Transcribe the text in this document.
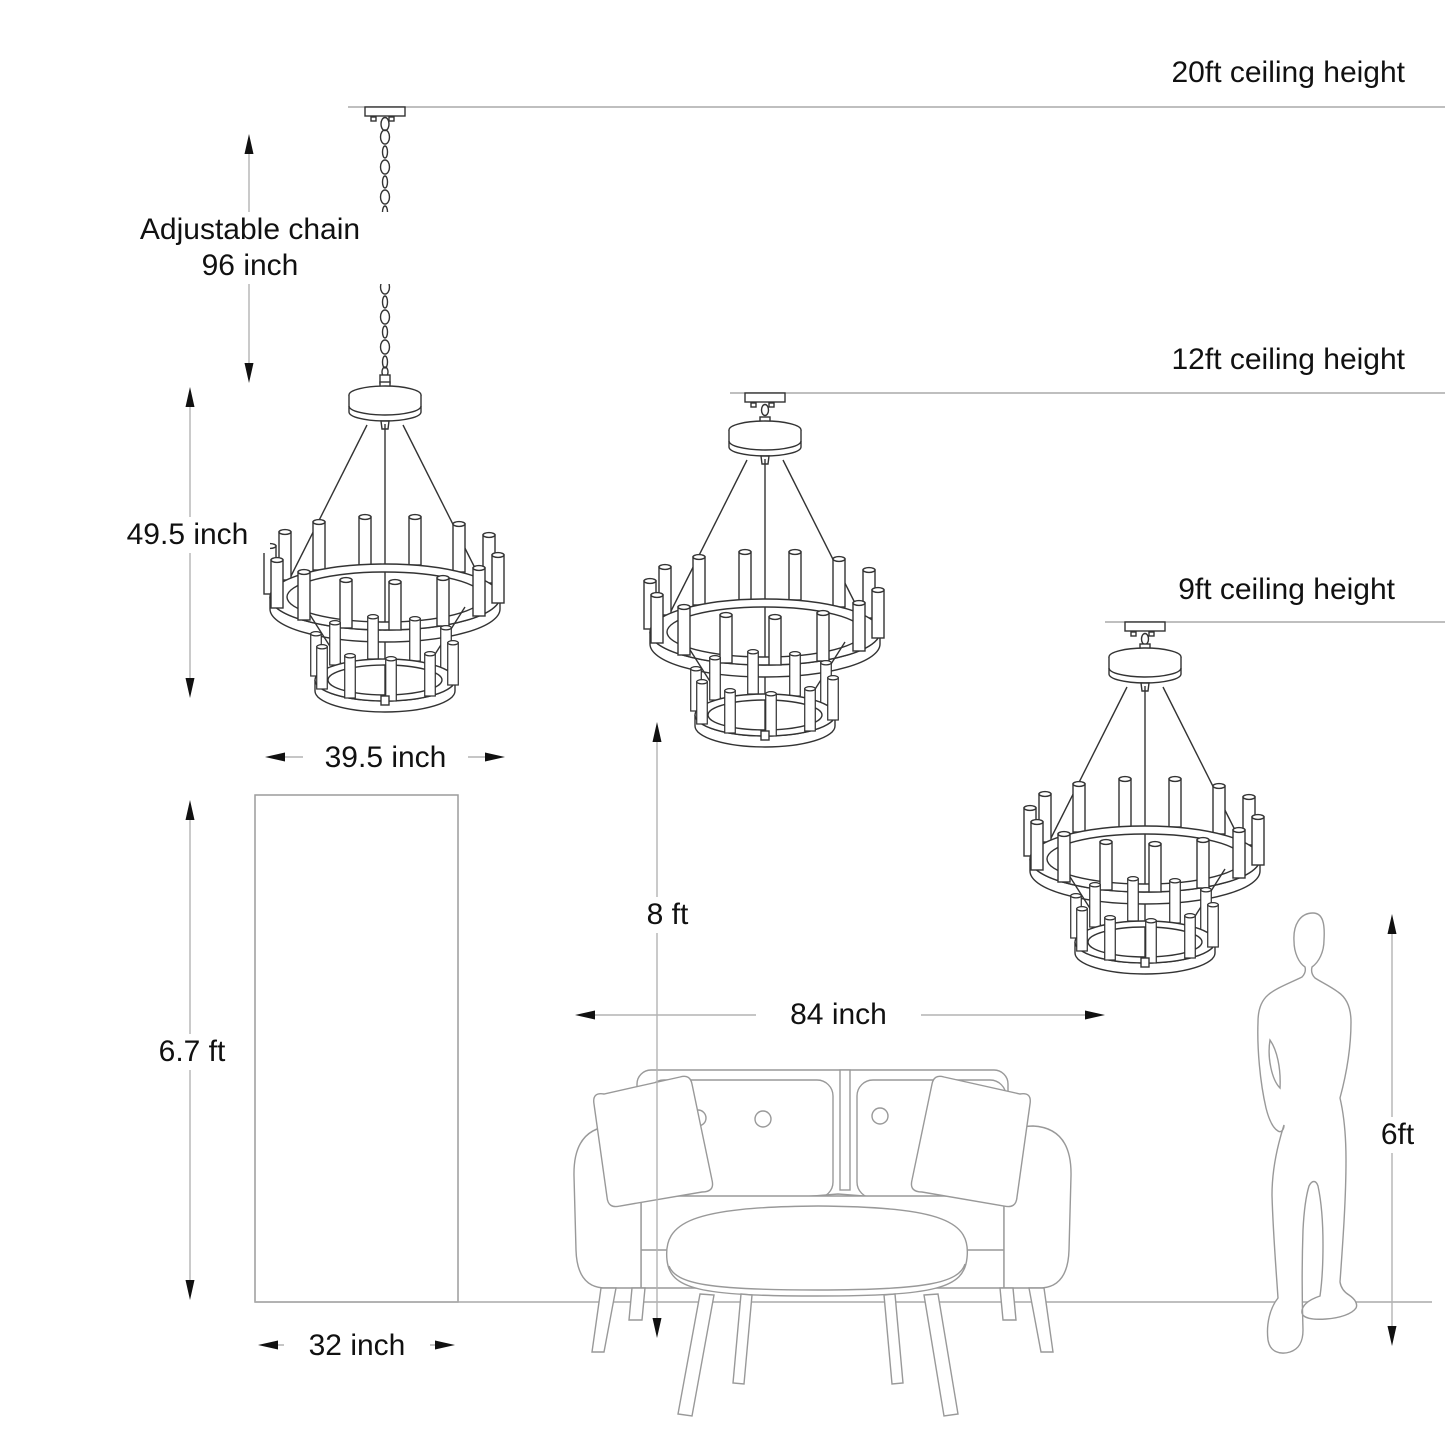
20ft ceiling height
12ft ceiling height
9ft ceiling height
Adjustable chain
96 inch
49.5 inch
39.5 inch
6.7 ft
32 inch
8 ft
84 inch
6ft
